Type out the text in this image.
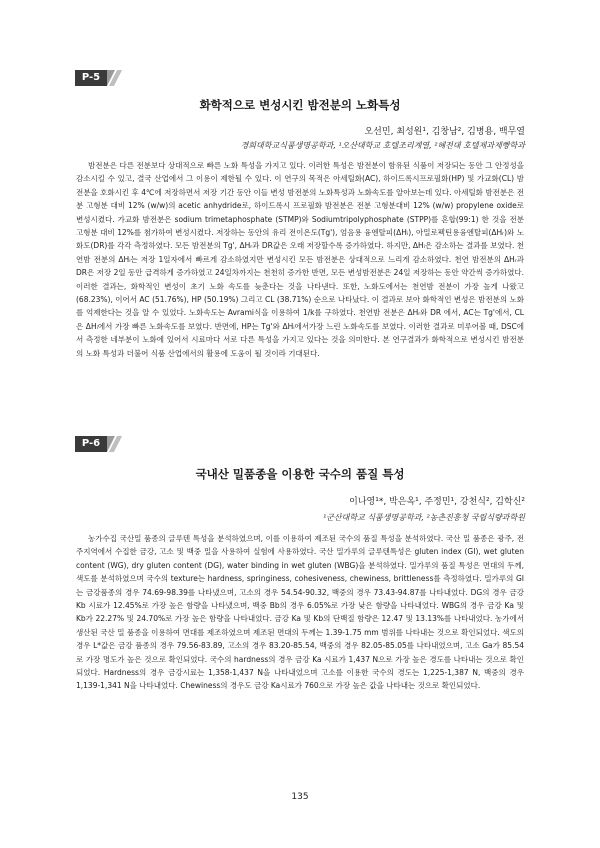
P-5
화학적으로 변성시킨 밤전분의 노화특성
오선민, 최성원¹, 김창남², 김병용, 백무열
경희대학교식품생명공학과, ¹오산대학교 호텔조리계열, ²혜전대 호텔제과제빵학과
밤전분은 다른 전분보다 상대적으로 빠른 노화 특성을 가지고 있다. 이러한 특성은 밤전분이 함유된 식품이 저장되는 동안 그 안정성을 감소시킬 수 있고, 결국 산업에서 그 이용이 제한될 수 있다. 이 연구의 목적은 아세틸화(AC), 하이드록시프로필화(HP) 및 가교화(CL) 밤전분을 호화시킨 후 4℃에 저장하면서 저장 기간 동안 이들 변성 밤전분의 노화특성과 노화속도를 알아보는데 있다. 아세틸화 밤전분은 전분 고형분 대비 12% (w/w)의 acetic anhydride로, 하이드록시 프로필화 밤전분은 전분 고형분대비 12% (w/w) propylene oxide로 변성시켰다. 가교화 밤전분은 sodium trimetaphosphate (STMP)와 Sodiumtripolyphosphate (STPP)를 혼합(99:1) 한 것을 전분 고형분 대비 12%를 첨가하여 변성시켰다. 저장하는 동안의 유리 전이온도(Tg'), 엄음용 융엔탈피(ΔHᵢ), 아밀로펙틴용융엔탈피(ΔHᵣ)와 노화도(DR)를 각각 측정하였다. 모든 밤전분의 Tg', ΔHᵣ과 DR값은 오래 저장할수록 증가하였다. 하지만, ΔHᵢ은 감소하는 결과를 보였다. 천연밤 전분의 ΔHᵢ는 저장 1일자에서 빠르게 감소하였지만 변성시킨 모든 밤전분은 상대적으로 느리게 감소하였다. 천연 밤전분의 ΔHᵣ과 DR은 저장 2일 동안 급격하게 증가하였고 24일차까지는 천천히 증가한 반면, 모든 변성밤전분은 24일 저장하는 동안 약간씩 증가하였다. 이러한 결과는, 화학적인 변성이 초기 노화 속도를 늦춘다는 것을 나타낸다. 또한, 노화도에서는 천연밤 전분이 가장 높게 나왔고(68.23%), 이어서 AC (51.76%), HP (50.19%) 그리고 CL (38.71%) 순으로 나타났다. 이 결과로 보아 화학적인 변성은 밤전분의 노화를 억제한다는 것을 알 수 있었다. 노화속도는 Avrami식을 이용하여 1/k를 구하였다. 천연밤 전분은 ΔHᵣ와 DR 에서, AC는 Tg'에서, CL은 ΔHᵢ에서 가장 빠른 노화속도를 보였다. 반면에, HP는 Tg'와 ΔHᵢ에서가장 느린 노화속도를 보였다. 이러한 결과로 미루어볼 때, DSC에서 측정한 네부분이 노화에 있어서 시료마다 서로 다른 특성을 가지고 있다는 것을 의미한다. 본 연구결과가 화학적으로 변성시킨 밤전분의 노화 특성과 더불어 식품 산업에서의 활용에 도움이 될 것이라 기대된다.
P-6
국내산 밀품종을 이용한 국수의 품질 특성
이나영¹*, 박은옥¹, 주정민¹, 강천식², 김학신²
¹군산대학교 식품생명공학과, ²농촌진흥청 국립식량과학원
농가수집 국산밀 품종의 글루텐 특성을 분석하였으며, 이를 이용하여 제조된 국수의 품질 특성을 분석하였다. 국산 밀 품종은 광주, 전주지역에서 수집한 금강, 고소 및 백중 밀을 사용하여 실험에 사용하였다. 국산 밀가루의 글루텐특성은 gluten index (GI), wet gluten content (WG), dry gluten content (DG), water binding in wet gluten (WBG)을 분석하였다. 밀가루의 품질 특성은 면대의 두께, 색도를 분석하였으며 국수의 texture는 hardness, springiness, cohesiveness, chewiness, brittleness를 측정하였다. 밀가루의 GI는 금강품종의 경우 74.69-98.39를 나타냈으며, 고소의 경우 54.54-90.32, 백중의 경우 73.43-94.87를 나타내었다. DG의 경우 금강 Kb 시료가 12.45%로 가장 높은 함량을 나타냈으며, 백중 Bb의 경우 6.05%로 가장 낮은 함량을 나타내었다. WBG의 경우 금강 Ka 및 Kb가 22.27% 및 24.70%로 가장 높은 함량을 나타내었다. 금강 Ka 및 Kb의 단백질 함량은 12.47 및 13.13%를 나타내었다. 농가에서 생산된 국산 밀 품종을 이용하여 면대를 제조하였으며 제조된 면대의 두께는 1.39-1.75 mm 범위를 나타내는 것으로 확인되었다. 색도의 경우 L*값은 금강 품종의 경우 79.56-83.89, 고소의 경우 83.20-85.54, 백중의 경우 82.05-85.05를 나타내었으며, 고소 Ga가 85.54로 가장 명도가 높은 것으로 확인되었다. 국수의 hardness의 경우 금강 Ka 시료가 1,437 N으로 가장 높은 경도를 나타내는 것으로 확인되었다. Hardness의 경우 금강시료는 1,358-1,437 N을 나타내었으며 고소를 이용한 국수의 경도는 1,225-1,387 N, 백중의 경우 1,139-1,341 N을 나타내었다. Chewiness의 경우도 금강 Ka시료가 760으로 가장 높은 값을 나타내는 것으로 확인되었다.
135
